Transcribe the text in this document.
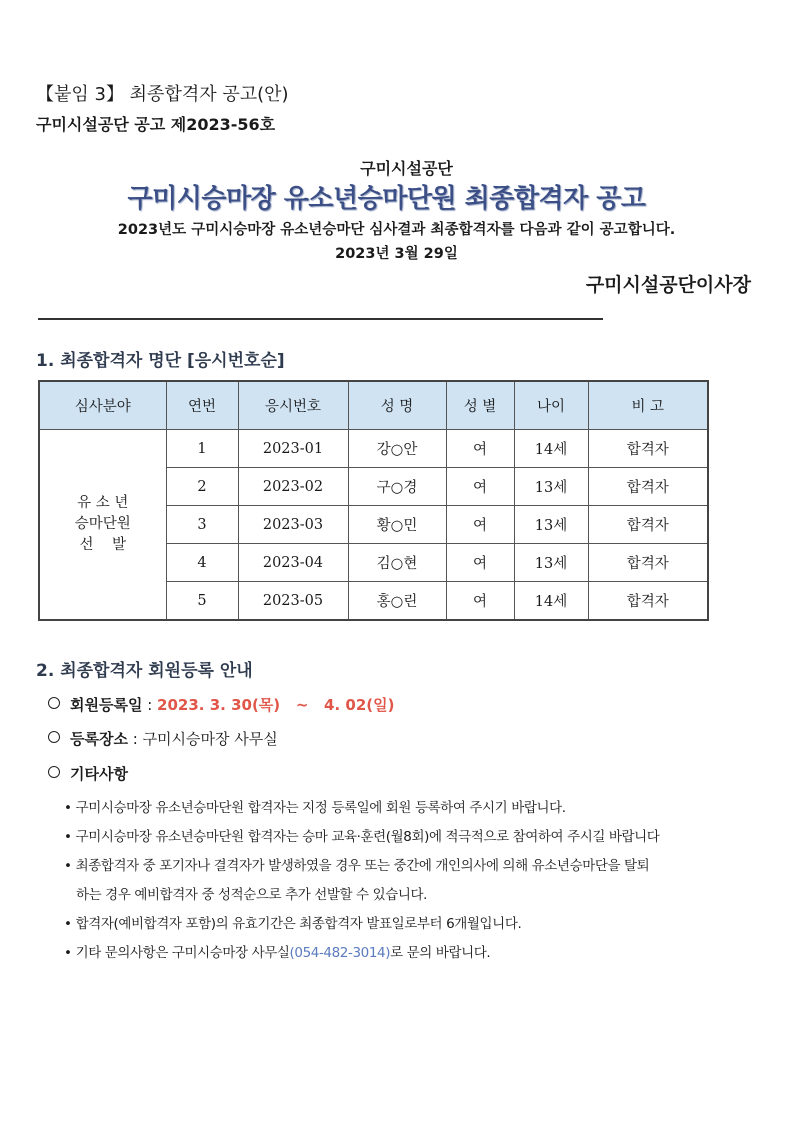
【붙임 3】 최종합격자 공고(안)
구미시설공단 공고 제2023-56호
구미시설공단
구미시승마장 유소년승마단원 최종합격자 공고
2023년도 구미시승마장 유소년승마단 심사결과 최종합격자를 다음과 같이 공고합니다.
2023년 3월 29일
구미시설공단이사장
1. 최종합격자 명단 [응시번호순]
심사분야	연번	응시번호	성 명	성 별	나이	비 고

유 소 년
승마단원
선    발	1	2023-01	강○안	여	14세	합격자
	2	2023-02	구○경	여	13세	합격자
	3	2023-03	황○민	여	13세	합격자
	4	2023-04	김○현	여	13세	합격자
	5	2023-05	홍○린	여	14세	합격자
2. 최종합격자 회원등록 안내
회원등록일 : 2023. 3. 30(목)   ~   4. 02(일)
등록장소 : 구미시승마장 사무실
기타사항
• 구미시승마장 유소년승마단원 합격자는 지정 등록일에 회원 등록하여 주시기 바랍니다.
• 구미시승마장 유소년승마단원 합격자는 승마 교육·훈련(월8회)에 적극적으로 참여하여 주시길 바랍니다
• 최종합격자 중 포기자나 결격자가 발생하였을 경우 또는 중간에 개인의사에 의해 유소년승마단을 탈퇴
하는 경우 예비합격자 중 성적순으로 추가 선발할 수 있습니다.
• 합격자(예비합격자 포함)의 유효기간은 최종합격자 발표일로부터 6개월입니다.
• 기타 문의사항은 구미시승마장 사무실(054-482-3014)로 문의 바랍니다.
